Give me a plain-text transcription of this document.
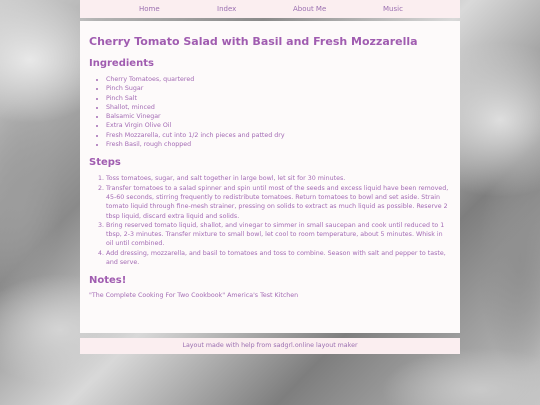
Home	Index	About Me	Music
Cherry Tomato Salad with Basil and Fresh Mozzarella
Ingredients
• Cherry Tomatoes, quartered
• Pinch Sugar
• Pinch Salt
• Shallot, minced
• Balsamic Vinegar
• Extra Virgin Olive Oil
• Fresh Mozzarella, cut into 1/2 inch pieces and patted dry
• Fresh Basil, rough chopped
Steps
1. Toss tomatoes, sugar, and salt together in large bowl, let sit for 30 minutes.
2. Transfer tomatoes to a salad spinner and spin until most of the seeds and excess liquid have been removed, 45-60 seconds, stirring frequently to redistribute tomatoes. Return tomatoes to bowl and set aside. Strain tomato liquid through fine-mesh strainer, pressing on solids to extract as much liquid as possible. Reserve 2 tbsp liquid, discard extra liquid and solids.
3. Bring reserved tomato liquid, shallot, and vinegar to simmer in small saucepan and cook until reduced to 1 tbsp, 2-3 minutes. Transfer mixture to small bowl, let cool to room temperature, about 5 minutes. Whisk in oil until combined.
4. Add dressing, mozzarella, and basil to tomatoes and toss to combine. Season with salt and pepper to taste, and serve.
Notes!

"The Complete Cooking For Two Cookbook" America's Test Kitchen

Layout made with help from sadgrl.online layout maker
